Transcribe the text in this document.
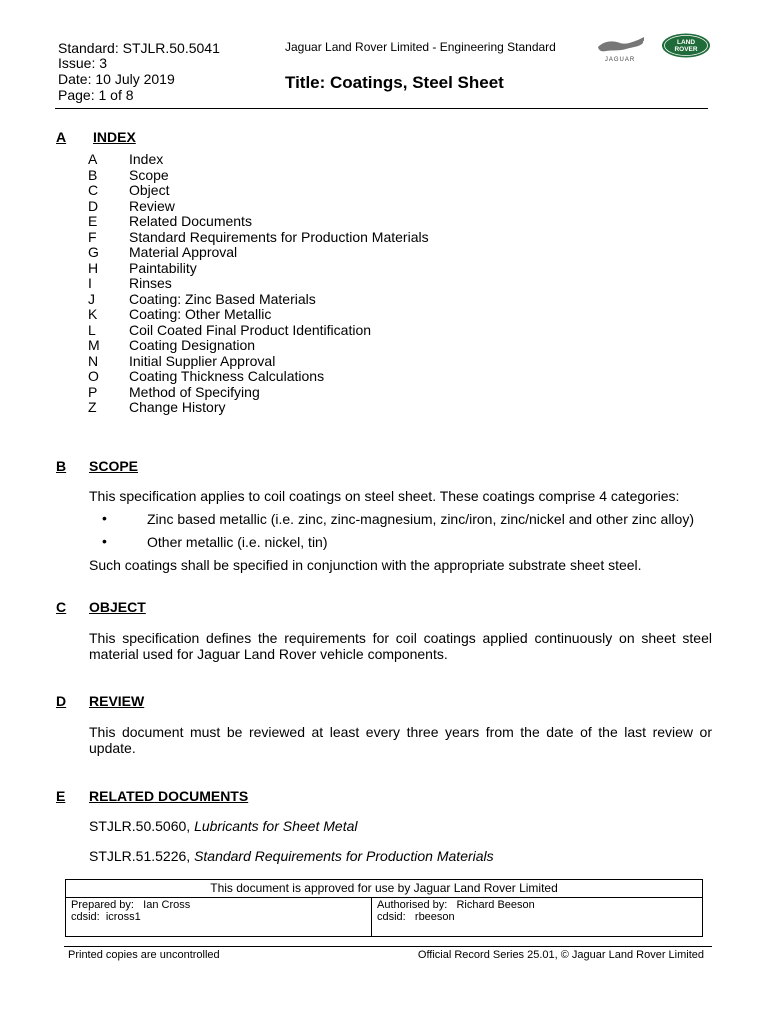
Standard: STJLR.50.5041
Issue: 3
Date: 10 July 2019
Page: 1 of 8
Jaguar Land Rover Limited - Engineering Standard
Title: Coatings, Steel Sheet
JAGUAR
LAND
ROVER
A INDEX
A	Index
B	Scope
C	Object
D	Review
E	Related Documents
F	Standard Requirements for Production Materials
G	Material Approval
H	Paintability
I	Rinses
J	Coating: Zinc Based Materials
K	Coating: Other Metallic
L	Coil Coated Final Product Identification
M	Coating Designation
N	Initial Supplier Approval
O	Coating Thickness Calculations
P	Method of Specifying
Z	Change History
B SCOPE
This specification applies to coil coatings on steel sheet. These coatings comprise 4 categories:
•	Zinc based metallic (i.e. zinc, zinc-magnesium, zinc/iron, zinc/nickel and other zinc alloy)
•	Other metallic (i.e. nickel, tin)
Such coatings shall be specified in conjunction with the appropriate substrate sheet steel.
C OBJECT
This specification defines the requirements for coil coatings applied continuously on sheet steel material used for Jaguar Land Rover vehicle components.
D REVIEW
This document must be reviewed at least every three years from the date of the last review or update.
E RELATED DOCUMENTS
STJLR.50.5060, Lubricants for Sheet Metal
STJLR.51.5226, Standard Requirements for Production Materials
This document is approved for use by Jaguar Land Rover Limited
Prepared by:   Ian Cross
cdsid:  icross1
Authorised by:   Richard Beeson
cdsid:   rbeeson
Printed copies are uncontrolled	Official Record Series 25.01, © Jaguar Land Rover Limited
